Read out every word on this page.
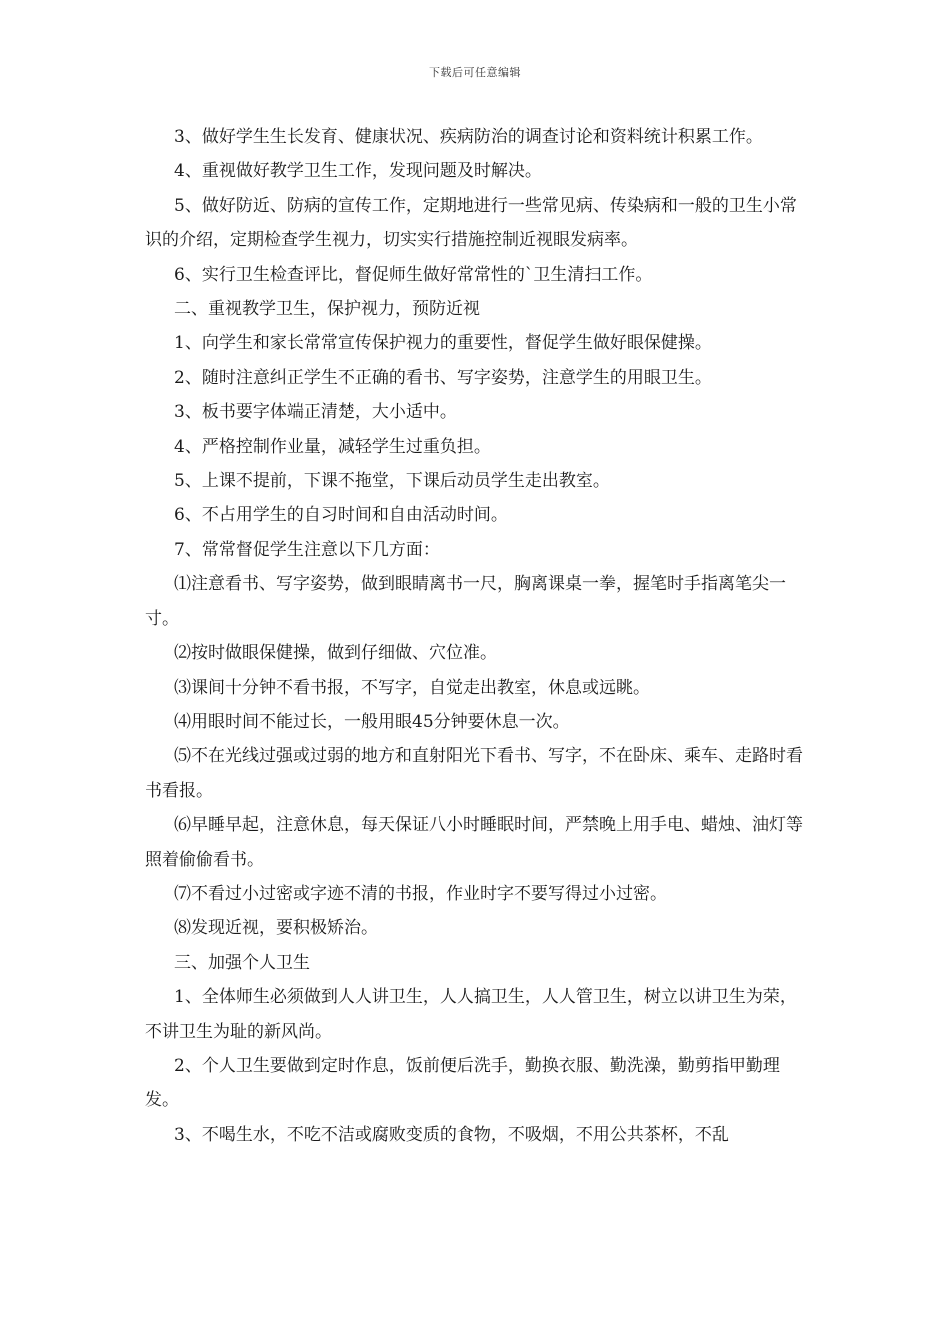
下载后可任意编辑

3、做好学生生长发育、健康状况、疾病防治的调查讨论和资料统计积累工作。

4、重视做好教学卫生工作，发现问题及时解决。

5、做好防近、防病的宣传工作，定期地进行一些常见病、传染病和一般的卫生小常识的介绍，定期检查学生视力，切实实行措施控制近视眼发病率。

6、实行卫生检查评比，督促师生做好常常性的`卫生清扫工作。

二、重视教学卫生，保护视力，预防近视

1、向学生和家长常常宣传保护视力的重要性，督促学生做好眼保健操。

2、随时注意纠正学生不正确的看书、写字姿势，注意学生的用眼卫生。

3、板书要字体端正清楚，大小适中。

4、严格控制作业量，减轻学生过重负担。

5、上课不提前，下课不拖堂，下课后动员学生走出教室。

6、不占用学生的自习时间和自由活动时间。

7、常常督促学生注意以下几方面：

⑴注意看书、写字姿势，做到眼睛离书一尺，胸离课桌一拳，握笔时手指离笔尖一寸。

⑵按时做眼保健操，做到仔细做、穴位准。

⑶课间十分钟不看书报，不写字，自觉走出教室，休息或远眺。

⑷用眼时间不能过长，一般用眼45分钟要休息一次。

⑸不在光线过强或过弱的地方和直射阳光下看书、写字，不在卧床、乘车、走路时看书看报。

⑹早睡早起，注意休息，每天保证八小时睡眠时间，严禁晚上用手电、蜡烛、油灯等照着偷偷看书。

⑺不看过小过密或字迹不清的书报，作业时字不要写得过小过密。

⑻发现近视，要积极矫治。

三、加强个人卫生

1、全体师生必须做到人人讲卫生，人人搞卫生，人人管卫生，树立以讲卫生为荣，不讲卫生为耻的新风尚。

2、个人卫生要做到定时作息，饭前便后洗手，勤换衣服、勤洗澡，勤剪指甲勤理发。

3、不喝生水，不吃不洁或腐败变质的食物，不吸烟，不用公共茶杯，不乱
